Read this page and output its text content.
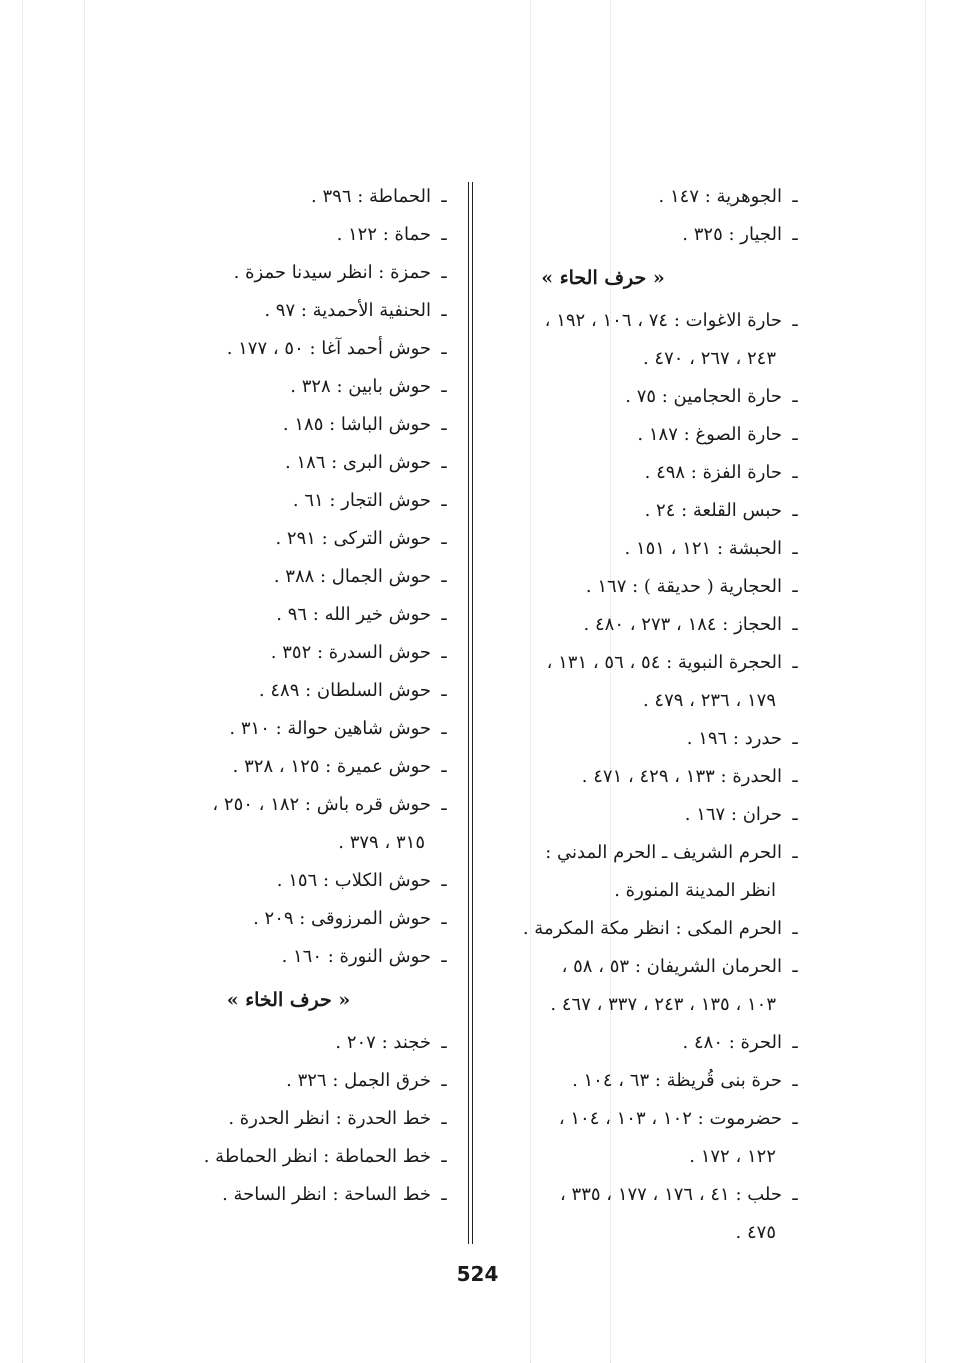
ـالجوهرية : ١٤٧ .
ـالجيار : ٣٢٥ .
« حرف الحاء »
ـحارة الاغوات : ٧٤ ، ١٠٦ ، ١٩٢ ،
٢٤٣ ، ٢٦٧ ، ٤٧٠ .
ـحارة الحجامين : ٧٥ .
ـحارة الصوغ : ١٨٧ .
ـحارة الفزة : ٤٩٨ .
ـحبس القلعة : ٢٤ .
ـالحبشة : ١٢١ ، ١٥١ .
ـالحجارية ( حديقة ) : ١٦٧ .
ـالحجاز : ١٨٤ ، ٢٧٣ ، ٤٨٠ .
ـالحجرة النبوية : ٥٤ ، ٥٦ ، ١٣١ ،
١٧٩ ، ٢٣٦ ، ٤٧٩ .
ـحدرد : ١٩٦ .
ـالحدرة : ١٣٣ ، ٤٢٩ ، ٤٧١ .
ـحران : ١٦٧ .
ـالحرم الشريف ـ الحرم المدني :
انظر المدينة المنورة .
ـالحرم المكى : انظر مكة المكرمة .
ـالحرمان الشريفان : ٥٣ ، ٥٨ ،
١٠٣ ، ١٣٥ ، ٢٤٣ ، ٣٣٧ ، ٤٦٧ .
ـالحرة : ٤٨٠ .
ـحرة بنى قُريظة : ٦٣ ، ١٠٤ .
ـحضرموت : ١٠٢ ، ١٠٣ ، ١٠٤ ،
١٢٢ ، ١٧٢ .
ـحلب : ٤١ ، ١٧٦ ، ١٧٧ ، ٣٣٥ ،
٤٧٥ .
ـالحماطة : ٣٩٦ .
ـحماة : ١٢٢ .
ـحمزة : انظر سيدنا حمزة .
ـالحنفية الأحمدية : ٩٧ .
ـحوش أحمد آغا : ٥٠ ، ١٧٧ .
ـحوش بابين : ٣٢٨ .
ـحوش الباشا : ١٨٥ .
ـحوش البرى : ١٨٦ .
ـحوش التجار : ٦١ .
ـحوش التركى : ٢٩١ .
ـحوش الجمال : ٣٨٨ .
ـحوش خير الله : ٩٦ .
ـحوش السدرة : ٣٥٢ .
ـحوش السلطان : ٤٨٩ .
ـحوش شاهين حوالة : ٣١٠ .
ـحوش عميرة : ١٢٥ ، ٣٢٨ .
ـحوش قره باش : ١٨٢ ، ٢٥٠ ،
٣١٥ ، ٣٧٩ .
ـحوش الكلاب : ١٥٦ .
ـحوش المرزوقى : ٢٠٩ .
ـحوش النورة : ١٦٠ .
« حرف الخاء »
ـخجند : ٢٠٧ .
ـخرق الجمل : ٣٢٦ .
ـخط الحدرة : انظر الحدرة .
ـخط الحماطة : انظر الحماطة .
ـخط الساحة : انظر الساحة .
524
